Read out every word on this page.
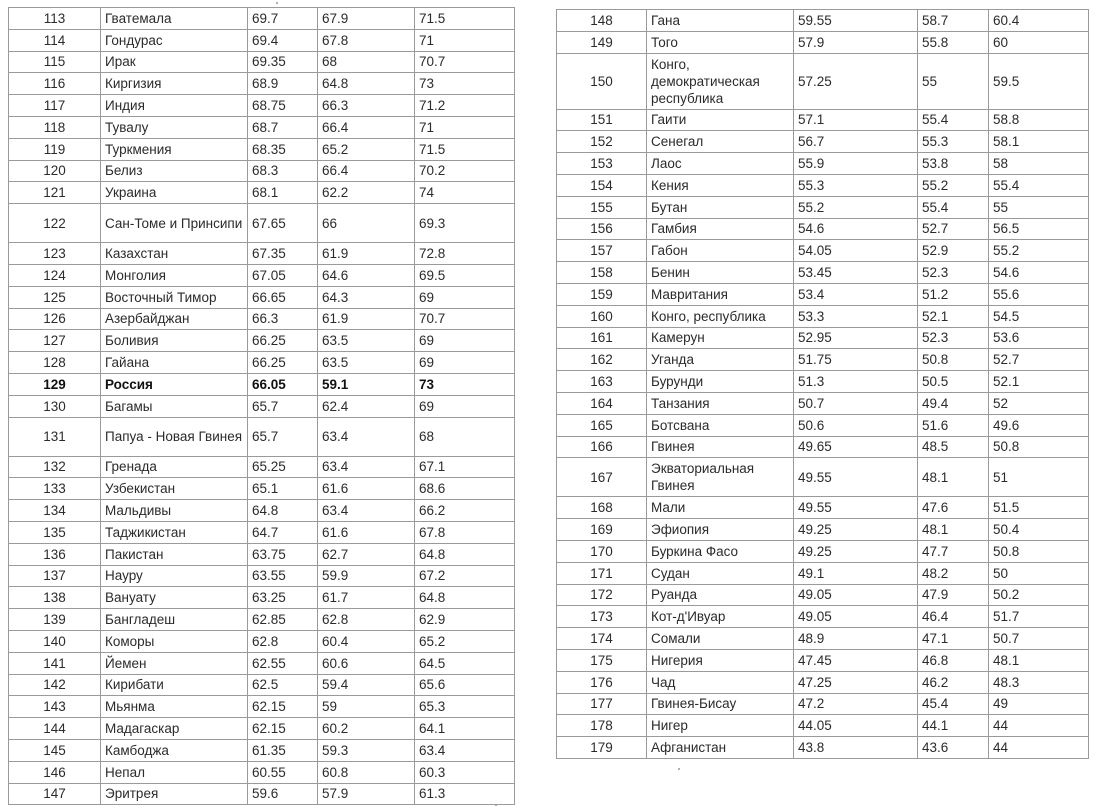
113	Гватемала	69.7	67.9	71.5
114	Гондурас	69.4	67.8	71
115	Ирак	69.35	68	70.7
116	Киргизия	68.9	64.8	73
117	Индия	68.75	66.3	71.2
118	Тувалу	68.7	66.4	71
119	Туркмения	68.35	65.2	71.5
120	Белиз	68.3	66.4	70.2
121	Украина	68.1	62.2	74
122	Сан-Томе и Принсипи	67.65	66	69.3
123	Казахстан	67.35	61.9	72.8
124	Монголия	67.05	64.6	69.5
125	Восточный Тимор	66.65	64.3	69
126	Азербайджан	66.3	61.9	70.7
127	Боливия	66.25	63.5	69
128	Гайана	66.25	63.5	69
129	Россия	66.05	59.1	73
130	Багамы	65.7	62.4	69
131	Папуа - Новая Гвинея	65.7	63.4	68
132	Гренада	65.25	63.4	67.1
133	Узбекистан	65.1	61.6	68.6
134	Мальдивы	64.8	63.4	66.2
135	Таджикистан	64.7	61.6	67.8
136	Пакистан	63.75	62.7	64.8
137	Науру	63.55	59.9	67.2
138	Вануату	63.25	61.7	64.8
139	Бангладеш	62.85	62.8	62.9
140	Коморы	62.8	60.4	65.2
141	Йемен	62.55	60.6	64.5
142	Кирибати	62.5	59.4	65.6
143	Мьянма	62.15	59	65.3
144	Мадагаскар	62.15	60.2	64.1
145	Камбоджа	61.35	59.3	63.4
146	Непал	60.55	60.8	60.3
147	Эритрея	59.6	57.9	61.3
148	Гана	59.55	58.7	60.4
149	Того	57.9	55.8	60
150	Конго, демократическая республика	57.25	55	59.5
151	Гаити	57.1	55.4	58.8
152	Сенегал	56.7	55.3	58.1
153	Лаос	55.9	53.8	58
154	Кения	55.3	55.2	55.4
155	Бутан	55.2	55.4	55
156	Гамбия	54.6	52.7	56.5
157	Габон	54.05	52.9	55.2
158	Бенин	53.45	52.3	54.6
159	Мавритания	53.4	51.2	55.6
160	Конго, республика	53.3	52.1	54.5
161	Камерун	52.95	52.3	53.6
162	Уганда	51.75	50.8	52.7
163	Бурунди	51.3	50.5	52.1
164	Танзания	50.7	49.4	52
165	Ботсвана	50.6	51.6	49.6
166	Гвинея	49.65	48.5	50.8
167	Экваториальная Гвинея	49.55	48.1	51
168	Мали	49.55	47.6	51.5
169	Эфиопия	49.25	48.1	50.4
170	Буркина Фасо	49.25	47.7	50.8
171	Судан	49.1	48.2	50
172	Руанда	49.05	47.9	50.2
173	Кот-д'Ивуар	49.05	46.4	51.7
174	Сомали	48.9	47.1	50.7
175	Нигерия	47.45	46.8	48.1
176	Чад	47.25	46.2	48.3
177	Гвинея-Бисау	47.2	45.4	49
178	Нигер	44.05	44.1	44
179	Афганистан	43.8	43.6	44
